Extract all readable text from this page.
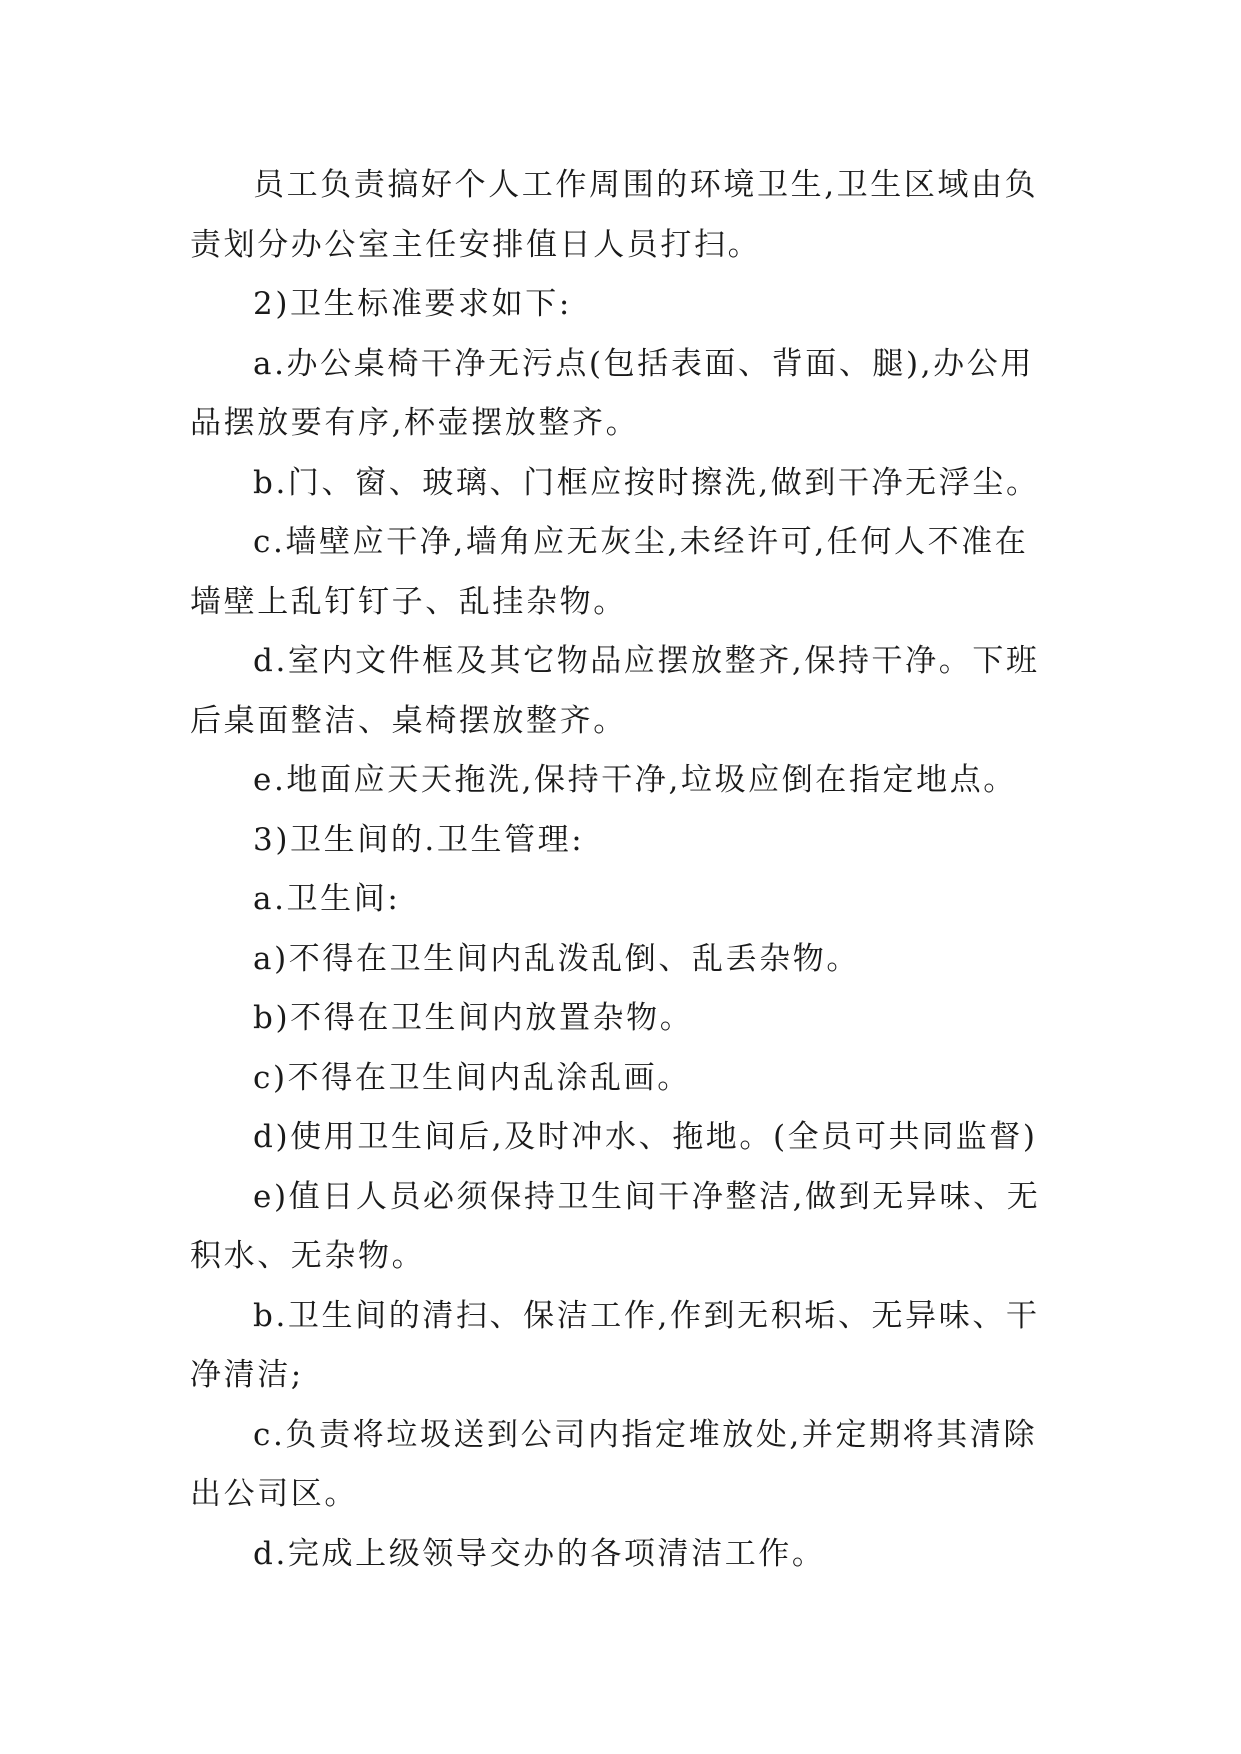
员工负责搞好个人工作周围的环境卫生,卫生区域由负
责划分办公室主任安排值日人员打扫。
2)卫生标准要求如下:
a.办公桌椅干净无污点(包括表面、背面、腿),办公用
品摆放要有序,杯壶摆放整齐。
b.门、窗、玻璃、门框应按时擦洗,做到干净无浮尘。
c.墙壁应干净,墙角应无灰尘,未经许可,任何人不准在
墙壁上乱钉钉子、乱挂杂物。
d.室内文件框及其它物品应摆放整齐,保持干净。下班
后桌面整洁、桌椅摆放整齐。
e.地面应天天拖洗,保持干净,垃圾应倒在指定地点。
3)卫生间的.卫生管理:
a.卫生间:
a)不得在卫生间内乱泼乱倒、乱丢杂物。
b)不得在卫生间内放置杂物。
c)不得在卫生间内乱涂乱画。
d)使用卫生间后,及时冲水、拖地。(全员可共同监督)
e)值日人员必须保持卫生间干净整洁,做到无异味、无
积水、无杂物。
b.卫生间的清扫、保洁工作,作到无积垢、无异味、干
净清洁;
c.负责将垃圾送到公司内指定堆放处,并定期将其清除
出公司区。
d.完成上级领导交办的各项清洁工作。
